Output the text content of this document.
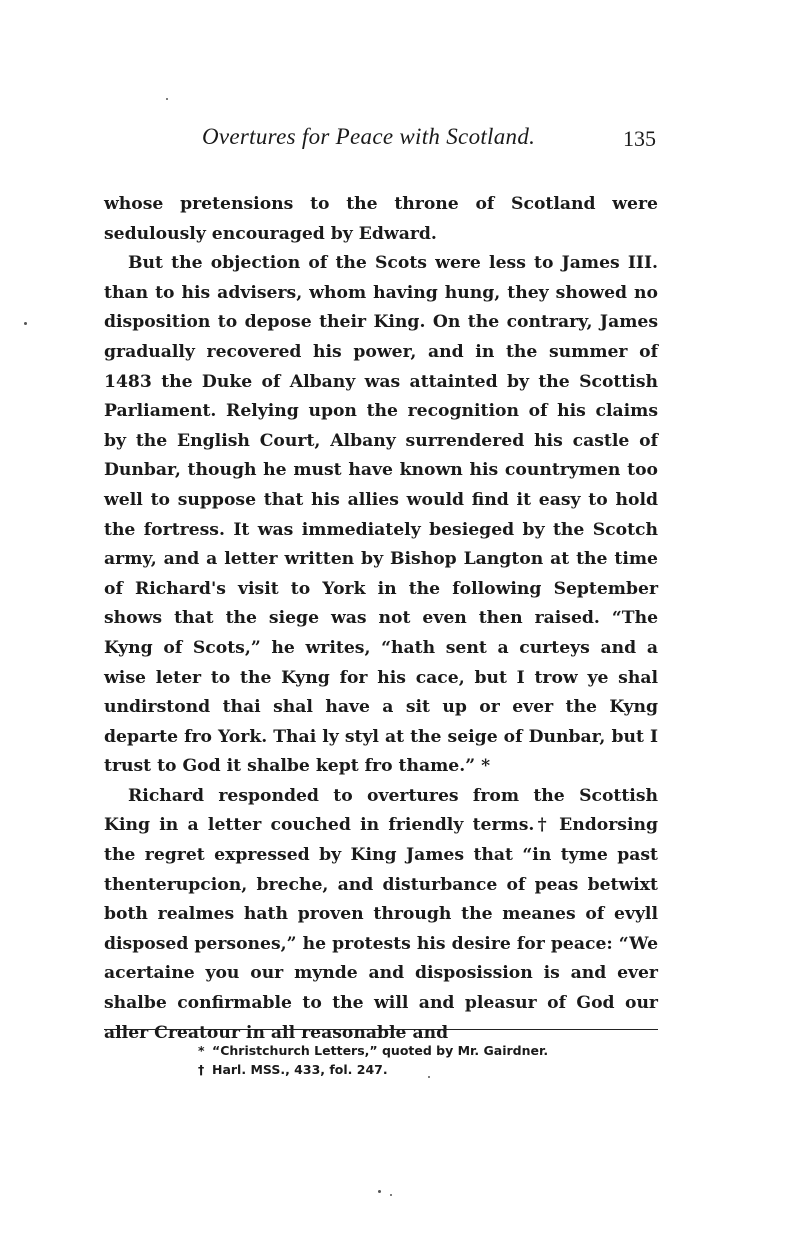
Overtures for Peace with Scotland.	135

whose pretensions to the throne of Scotland were sedulously encouraged by Edward.

But the objection of the Scots were less to James III. than to his advisers, whom having hung, they showed no disposition to depose their King. On the contrary, James gradually recovered his power, and in the summer of 1483 the Duke of Albany was attainted by the Scottish Parliament. Relying upon the recognition of his claims by the English Court, Albany surrendered his castle of Dunbar, though he must have known his countrymen too well to suppose that his allies would find it easy to hold the fortress. It was immediately besieged by the Scotch army, and a letter written by Bishop Langton at the time of Richard's visit to York in the following September shows that the siege was not even then raised. “The Kyng of Scots,” he writes, “hath sent a curteys and a wise leter to the Kyng for his cace, but I trow ye shal undirstond thai shal have a sit up or ever the Kyng departe fro York. Thai ly styl at the seige of Dunbar, but I trust to God it shalbe kept fro thame.” *

Richard responded to overtures from the Scottish King in a letter couched in friendly terms.† Endorsing the regret expressed by King James that “in tyme past thenterupcion, breche, and disturbance of peas betwixt both realmes hath proven through the meanes of evyll disposed persones,” he protests his desire for peace: “We acertaine you our mynde and disposission is and ever shalbe confirmable to the will and pleasur of God our aller Creatour in all reasonable and

* “Christchurch Letters,” quoted by Mr. Gairdner.
† Harl. MSS., 433, fol. 247.
